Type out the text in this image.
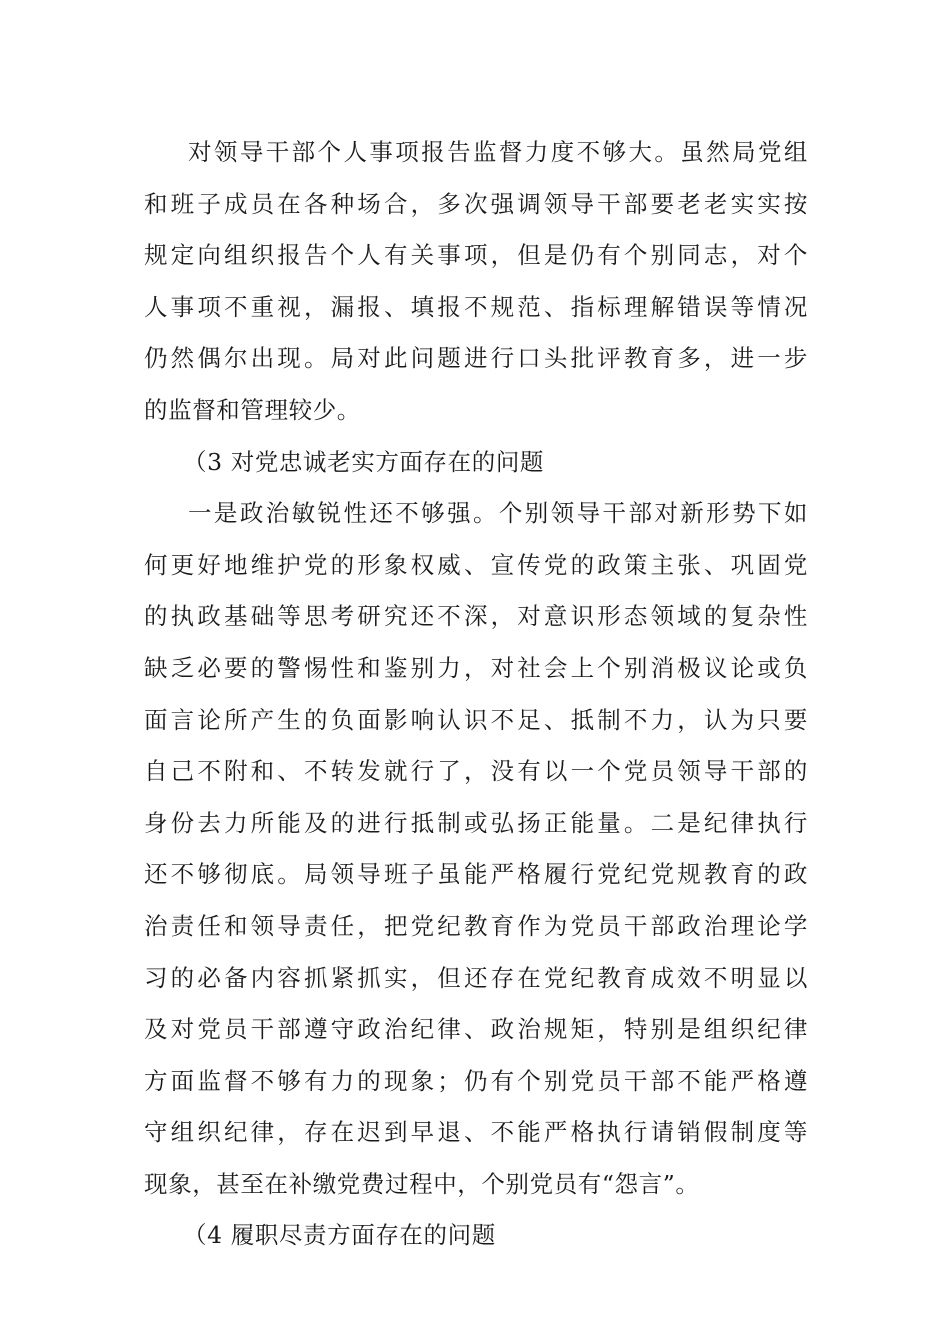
对领导干部个人事项报告监督力度不够大。虽然局党组
和班子成员在各种场合，多次强调领导干部要老老实实按
规定向组织报告个人有关事项，但是仍有个别同志，对个
人事项不重视，漏报、填报不规范、指标理解错误等情况
仍然偶尔出现。局对此问题进行口头批评教育多，进一步
的监督和管理较少。
（3 对党忠诚老实方面存在的问题
一是政治敏锐性还不够强。个别领导干部对新形势下如
何更好地维护党的形象权威、宣传党的政策主张、巩固党
的执政基础等思考研究还不深，对意识形态领域的复杂性
缺乏必要的警惕性和鉴别力，对社会上个别消极议论或负
面言论所产生的负面影响认识不足、抵制不力，认为只要
自己不附和、不转发就行了，没有以一个党员领导干部的
身份去力所能及的进行抵制或弘扬正能量。二是纪律执行
还不够彻底。局领导班子虽能严格履行党纪党规教育的政
治责任和领导责任，把党纪教育作为党员干部政治理论学
习的必备内容抓紧抓实，但还存在党纪教育成效不明显以
及对党员干部遵守政治纪律、政治规矩，特别是组织纪律
方面监督不够有力的现象；仍有个别党员干部不能严格遵
守组织纪律，存在迟到早退、不能严格执行请销假制度等
现象，甚至在补缴党费过程中，个别党员有“怨言”。
（4 履职尽责方面存在的问题
